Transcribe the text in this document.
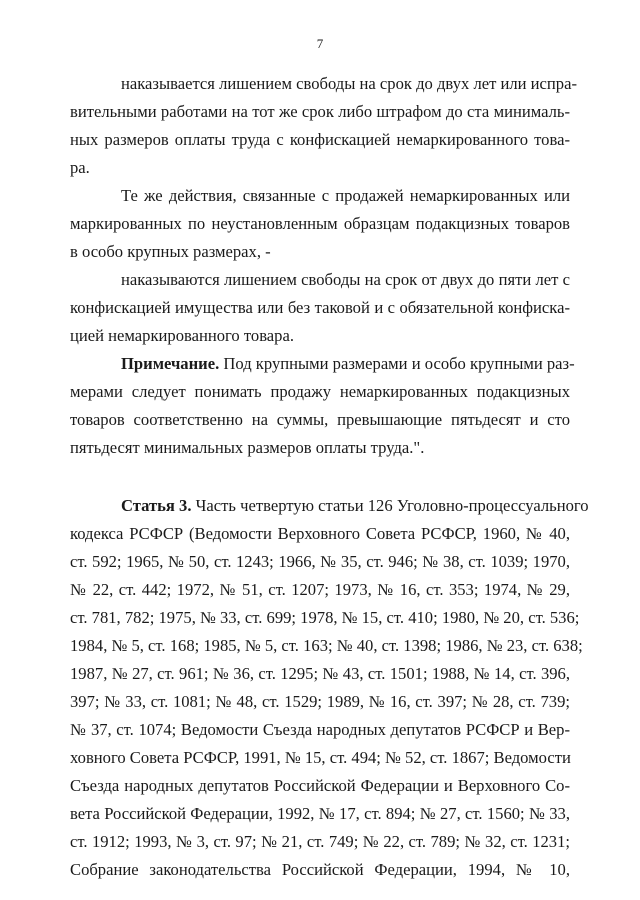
7
наказывается лишением свободы на срок до двух лет или испра-
вительными работами на тот же срок либо штрафом до ста минималь-
ных размеров оплаты труда с конфискацией немаркированного това-
ра.
Те же действия, связанные с продажей немаркированных или
маркированных по неустановленным образцам подакцизных товаров
в особо крупных размерах, -
наказываются лишением свободы на срок от двух до пяти лет с
конфискацией имущества или без таковой и с обязательной конфиска-
цией немаркированного товара.
Примечание. Под крупными размерами и особо крупными раз-
мерами следует понимать продажу немаркированных подакцизных
товаров соответственно на суммы, превышающие пятьдесят и сто
пятьдесят минимальных размеров оплаты труда.".
Статья 3. Часть четвертую статьи 126 Уголовно-процессуального
кодекса РСФСР (Ведомости Верховного Совета РСФСР, 1960, № 40,
ст. 592; 1965, № 50, ст. 1243; 1966, № 35, ст. 946; № 38, ст. 1039; 1970,
№ 22, ст. 442; 1972, № 51, ст. 1207; 1973, № 16, ст. 353; 1974, № 29,
ст. 781, 782; 1975, № 33, ст. 699; 1978, № 15, ст. 410; 1980, № 20, ст. 536;
1984, № 5, ст. 168; 1985, № 5, ст. 163; № 40, ст. 1398; 1986, № 23, ст. 638;
1987, № 27, ст. 961; № 36, ст. 1295; № 43, ст. 1501; 1988, № 14, ст. 396,
397; № 33, ст. 1081; № 48, ст. 1529; 1989, № 16, ст. 397; № 28, ст. 739;
№ 37, ст. 1074; Ведомости Съезда народных депутатов РСФСР и Вер-
ховного Совета РСФСР, 1991, № 15, ст. 494; № 52, ст. 1867; Ведомости
Съезда народных депутатов Российской Федерации и Верховного Со-
вета Российской Федерации, 1992, № 17, ст. 894; № 27, ст. 1560; № 33,
ст. 1912; 1993, № 3, ст. 97; № 21, ст. 749; № 22, ст. 789; № 32, ст. 1231;
Собрание законодательства Российской Федерации, 1994, № 10,
